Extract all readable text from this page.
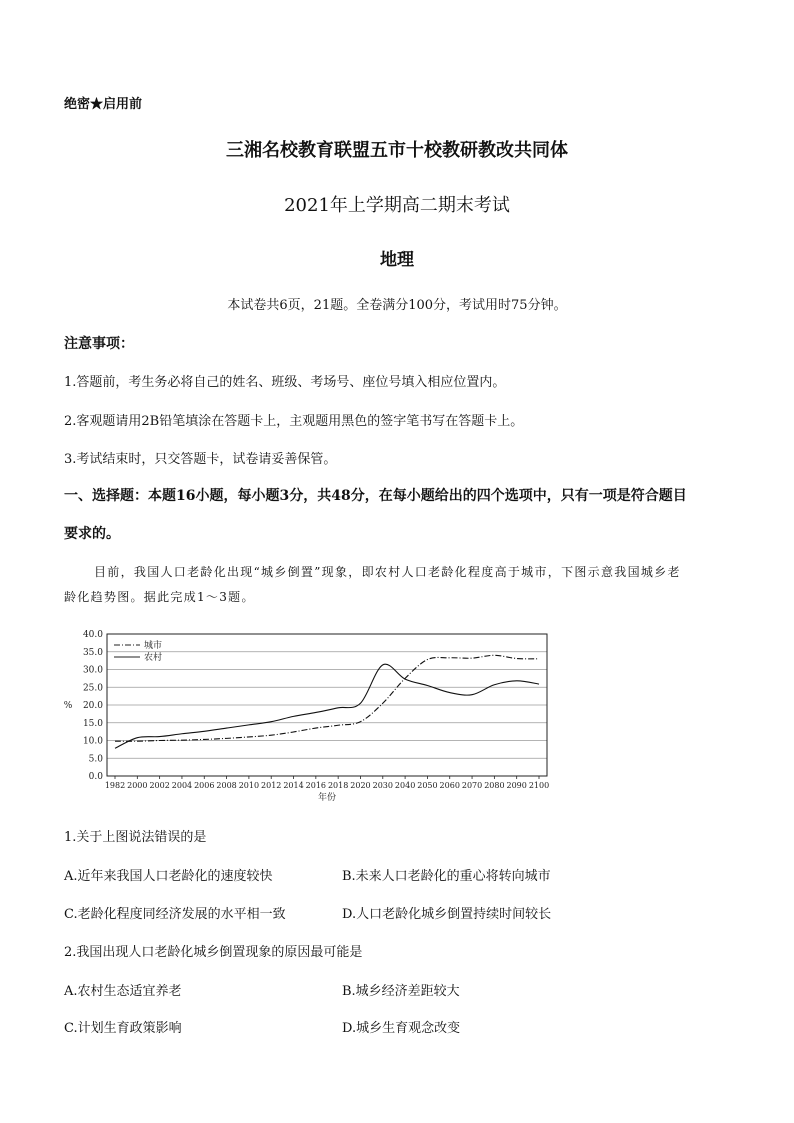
绝密★启用前
三湘名校教育联盟五市十校教研教改共同体
2021年上学期高二期末考试
地理
本试卷共6页，21题。全卷满分100分，考试用时75分钟。
注意事项：
1.答题前，考生务必将自己的姓名、班级、考场号、座位号填入相应位置内。
2.客观题请用2B铅笔填涂在答题卡上，主观题用黑色的签字笔书写在答题卡上。
3.考试结束时，只交答题卡，试卷请妥善保管。
一、选择题：本题16小题，每小题3分，共48分，在每小题给出的四个选项中，只有一项是符合题目
要求的。
目前，我国人口老龄化出现“城乡倒置”现象，即农村人口老龄化程度高于城市，下图示意我国城乡老
龄化趋势图。据此完成1～3题。
0.0
5.0
10.0
15.0
20.0
25.0
30.0
35.0
40.0
1982 2000 2002 2004 2006 2008 2010 2012 2014 2016 2018 2020 2030 2040 2050 2060 2070 2080 2090 2100
%
年份
城市
农村
1.关于上图说法错误的是
A.近年来我国人口老龄化的速度较快	B.未来人口老龄化的重心将转向城市
C.老龄化程度同经济发展的水平相一致	D.人口老龄化城乡倒置持续时间较长
2.我国出现人口老龄化城乡倒置现象的原因最可能是
A.农村生态适宜养老	B.城乡经济差距较大
C.计划生育政策影响	D.城乡生育观念改变
